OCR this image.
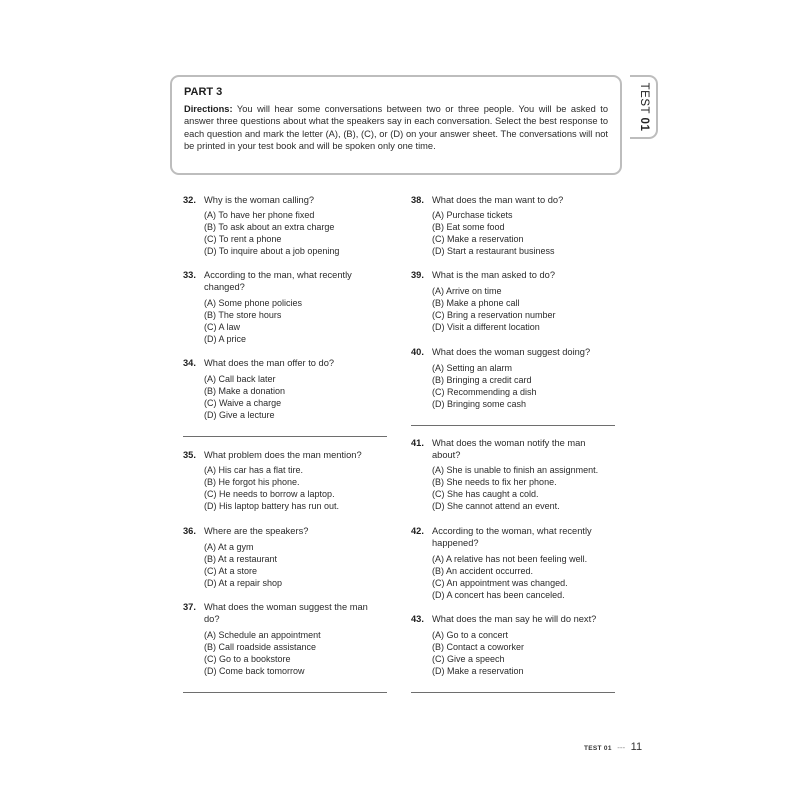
PART 3
Directions: You will hear some conversations between two or three people. You will be asked to answer three questions about what the speakers say in each conversation. Select the best response to each question and mark the letter (A), (B), (C), or (D) on your answer sheet. The conversations will not be printed in your test book and will be spoken only one time.
TEST 01
32. Why is the woman calling?
(A) To have her phone fixed
(B) To ask about an extra charge
(C) To rent a phone
(D) To inquire about a job opening
33. According to the man, what recently changed?
(A) Some phone policies
(B) The store hours
(C) A law
(D) A price
34. What does the man offer to do?
(A) Call back later
(B) Make a donation
(C) Waive a charge
(D) Give a lecture
35. What problem does the man mention?
(A) His car has a flat tire.
(B) He forgot his phone.
(C) He needs to borrow a laptop.
(D) His laptop battery has run out.
36. Where are the speakers?
(A) At a gym
(B) At a restaurant
(C) At a store
(D) At a repair shop
37. What does the woman suggest the man do?
(A) Schedule an appointment
(B) Call roadside assistance
(C) Go to a bookstore
(D) Come back tomorrow
38. What does the man want to do?
(A) Purchase tickets
(B) Eat some food
(C) Make a reservation
(D) Start a restaurant business
39. What is the man asked to do?
(A) Arrive on time
(B) Make a phone call
(C) Bring a reservation number
(D) Visit a different location
40. What does the woman suggest doing?
(A) Setting an alarm
(B) Bringing a credit card
(C) Recommending a dish
(D) Bringing some cash
41. What does the woman notify the man about?
(A) She is unable to finish an assignment.
(B) She needs to fix her phone.
(C) She has caught a cold.
(D) She cannot attend an event.
42. According to the woman, what recently happened?
(A) A relative has not been feeling well.
(B) An accident occurred.
(C) An appointment was changed.
(D) A concert has been canceled.
43. What does the man say he will do next?
(A) Go to a concert
(B) Contact a coworker
(C) Give a speech
(D) Make a reservation
TEST 01 --- 11
